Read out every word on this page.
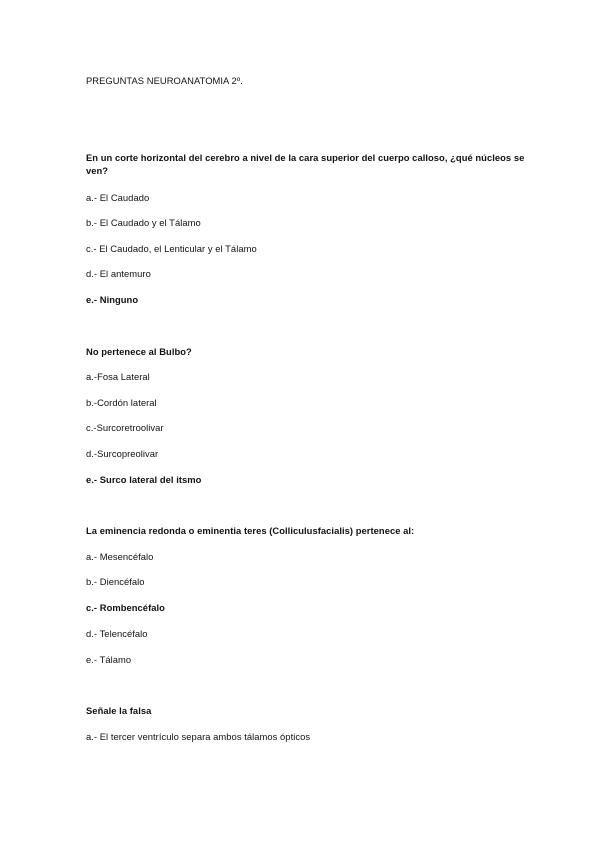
PREGUNTAS NEUROANATOMIA 2º.
En un corte horizontal del cerebro a nivel de la cara superior del cuerpo calloso, ¿qué núcleos se ven?
a.- El Caudado
b.- El Caudado y el Tálamo
c.- El Caudado, el Lenticular y el Tálamo
d.- El antemuro
e.- Ninguno
No pertenece al Bulbo?
a.-Fosa Lateral
b.-Cordón lateral
c.-Surcoretroolivar
d.-Surcopreolivar
e.- Surco lateral del itsmo
La eminencia redonda o eminentia teres (Colliculusfacialis) pertenece al:
a.- Mesencéfalo
b.- Diencéfalo
c.- Rombencéfalo
d.- Telencéfalo
e.- Tálamo
Señale la falsa
a.- El tercer ventrículo separa ambos tálamos ópticos
